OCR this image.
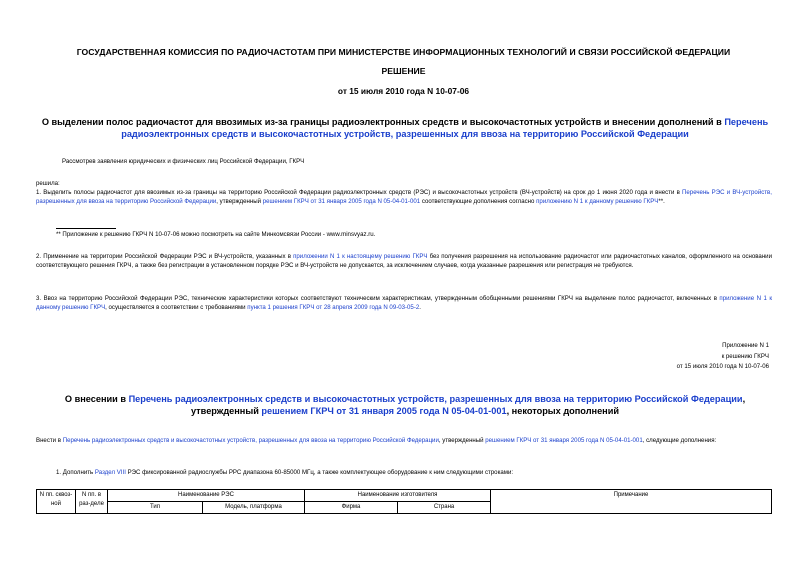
ГОСУДАРСТВЕННАЯ КОМИССИЯ ПО РАДИОЧАСТОТАМ ПРИ МИНИСТЕРСТВЕ ИНФОРМАЦИОННЫХ ТЕХНОЛОГИЙ И СВЯЗИ РОССИЙСКОЙ ФЕДЕРАЦИИ
РЕШЕНИЕ
от 15 июля 2010 года N 10-07-06
О выделении полос радиочастот для ввозимых из-за границы радиоэлектронных средств и высокочастотных устройств и внесении дополнений в Перечень радиоэлектронных средств и высокочастотных устройств, разрешенных для ввоза на территорию Российской Федерации
Рассмотрев заявления юридических и физических лиц Российской Федерации, ГКРЧ
решила:
1. Выделить полосы радиочастот для ввозимых из-за границы на территорию Российской Федерации радиоэлектронных средств (РЭС) и высокочастотных устройств (ВЧ-устройств) на срок до 1 июня 2020 года и внести в Перечень РЭС и ВЧ-устройств, разрешенных для ввоза на территорию Российской Федерации, утвержденный решением ГКРЧ от 31 января 2005 года N 05-04-01-001 соответствующие дополнения согласно приложению N 1 к данному решению ГКРЧ**.
** Приложение к решению ГКРЧ N 10-07-06 можно посмотреть на сайте Минкомсвязи России - www.minsvyaz.ru.
2. Применение на территории Российской Федерации РЭС и ВЧ-устройств, указанных в приложении N 1 к настоящему решению ГКРЧ без получения разрешения на использование радиочастот или радиочастотных каналов, оформленного на основании соответствующего решения ГКРЧ, а также без регистрации в установленном порядке РЭС и ВЧ-устройств не допускается, за исключением случаев, когда указанные разрешения или регистрация не требуются.
3. Ввоз на территорию Российской Федерации РЭС, технические характеристики которых соответствуют техническим характеристикам, утвержденным обобщенными решениями ГКРЧ на выделение полос радиочастот, включенных в приложение N 1 к данному решению ГКРЧ, осуществляется в соответствии с требованиями пункта 1 решения ГКРЧ от 28 апреля 2009 года N 09-03-05-2.
Приложение N 1
к решению ГКРЧ
от 15 июля 2010 года N 10-07-06
О внесении в Перечень радиоэлектронных средств и высокочастотных устройств, разрешенных для ввоза на территорию Российской Федерации, утвержденный решением ГКРЧ от 31 января 2005 года N 05-04-01-001, некоторых дополнений
Внести в Перечень радиоэлектронных средств и высокочастотных устройств, разрешенных для ввоза на территорию Российской Федерации, утвержденный решением ГКРЧ от 31 января 2005 года N 05-04-01-001, следующие дополнения:
1. Дополнить Раздел VIII РЭС фиксированной радиослужбы РРС диапазона 60-85000 МГц, а также комплектующее оборудование к ним следующими строками:
N пп. сквоз-ной	N пп. в раз-деле	Наименование РЭС		Наименование изготовителя		Примечание
		Тип	Модель, платформа	Фирма	Страна	
